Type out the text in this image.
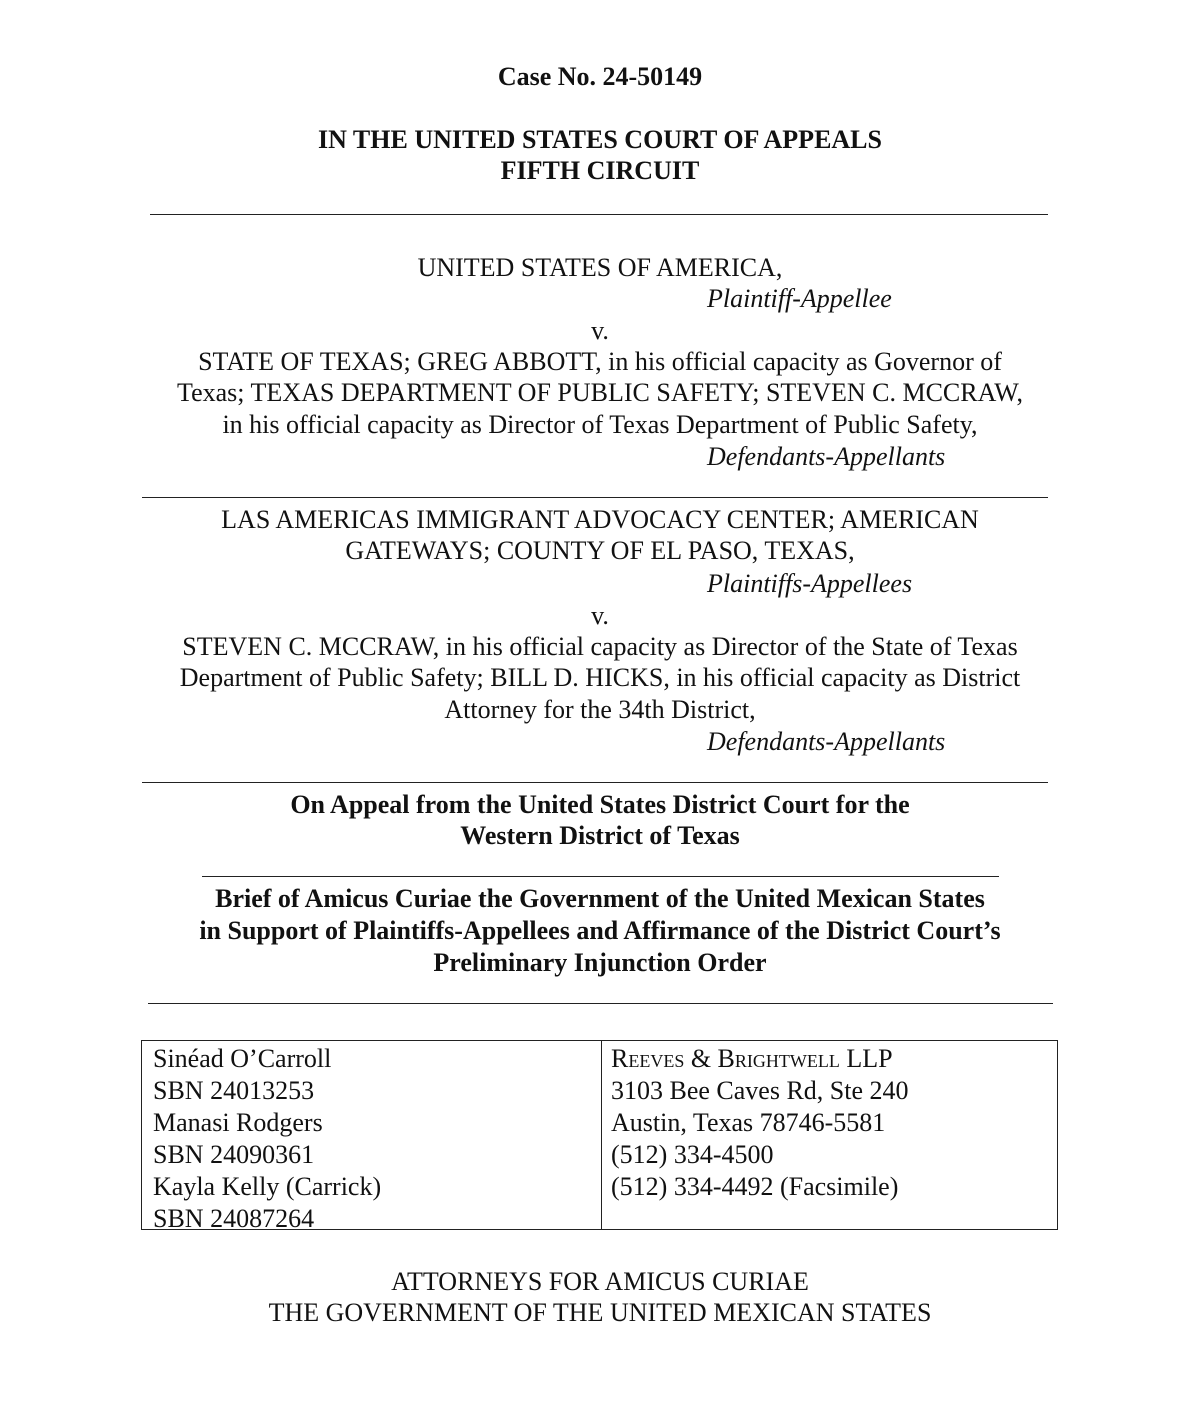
Case No. 24-50149
IN THE UNITED STATES COURT OF APPEALS
FIFTH CIRCUIT
UNITED STATES OF AMERICA,
Plaintiff-Appellee
v.
STATE OF TEXAS; GREG ABBOTT, in his official capacity as Governor of
Texas; TEXAS DEPARTMENT OF PUBLIC SAFETY; STEVEN C. MCCRAW,
in his official capacity as Director of Texas Department of Public Safety,
Defendants-Appellants
LAS AMERICAS IMMIGRANT ADVOCACY CENTER; AMERICAN
GATEWAYS; COUNTY OF EL PASO, TEXAS,
Plaintiffs-Appellees
v.
STEVEN C. MCCRAW, in his official capacity as Director of the State of Texas
Department of Public Safety; BILL D. HICKS, in his official capacity as District
Attorney for the 34th District,
Defendants-Appellants
On Appeal from the United States District Court for the
Western District of Texas
Brief of Amicus Curiae the Government of the United Mexican States
in Support of Plaintiffs-Appellees and Affirmance of the District Court’s
Preliminary Injunction Order
Sinéad O’Carroll
SBN 24013253
Manasi Rodgers
SBN 24090361
Kayla Kelly (Carrick)
SBN 24087264
Reeves & Brightwell LLP
3103 Bee Caves Rd, Ste 240
Austin, Texas 78746-5581
(512) 334-4500
(512) 334-4492 (Facsimile)
ATTORNEYS FOR AMICUS CURIAE
THE GOVERNMENT OF THE UNITED MEXICAN STATES
